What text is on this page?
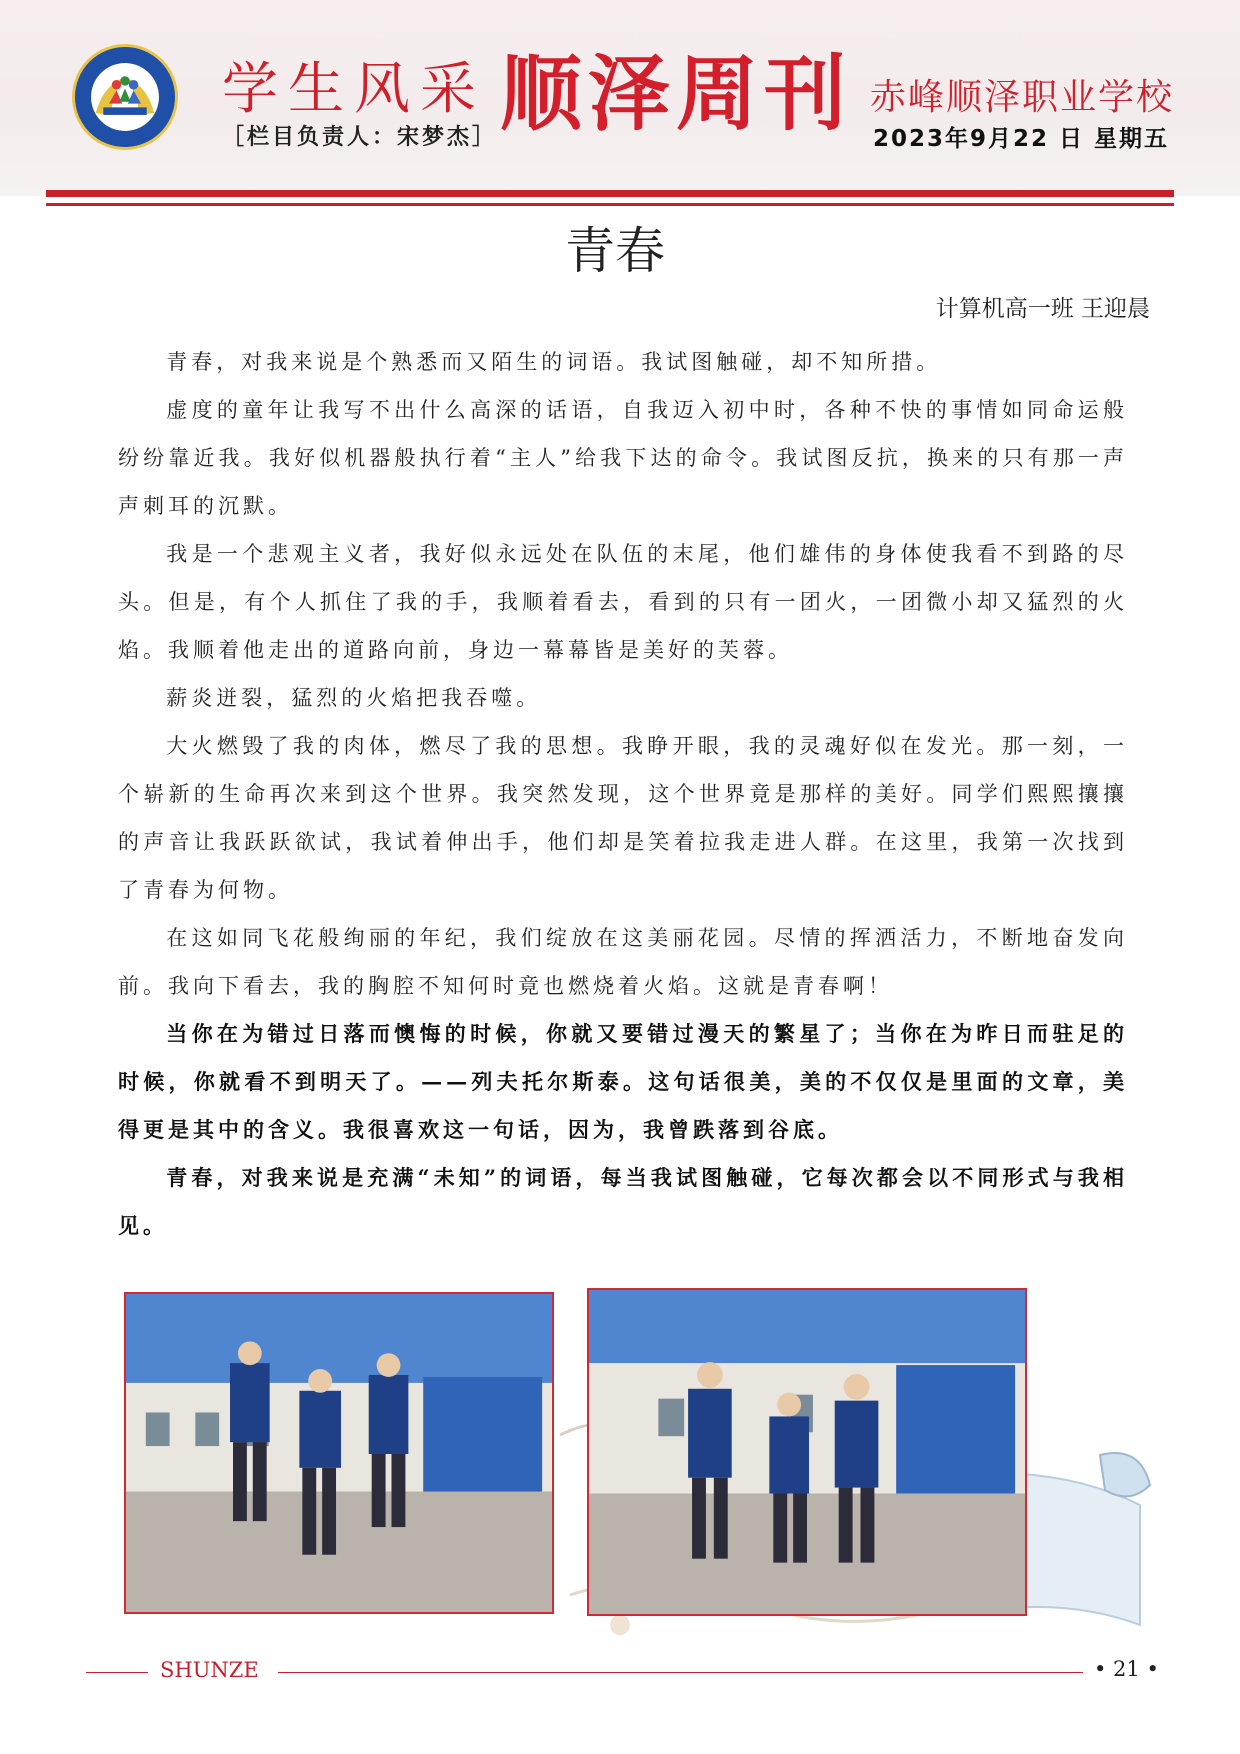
学生风采
［栏目负责人：宋梦杰］ 顺泽周刊 赤峰顺泽职业学校
2023年9月22 日 星期五
青春
计算机高一班 王迎晨

青春，对我来说是个熟悉而又陌生的词语。我试图触碰，却不知所措。

虚度的童年让我写不出什么高深的话语，自我迈入初中时，各种不快的事情如同命运般纷纷靠近我。我好似机器般执行着“主人”给我下达的命令。我试图反抗，换来的只有那一声声刺耳的沉默。

我是一个悲观主义者，我好似永远处在队伍的末尾，他们雄伟的身体使我看不到路的尽头。但是，有个人抓住了我的手，我顺着看去，看到的只有一团火，一团微小却又猛烈的火焰。我顺着他走出的道路向前，身边一幕幕皆是美好的芙蓉。

薪炎迸裂，猛烈的火焰把我吞噬。

大火燃毁了我的肉体，燃尽了我的思想。我睁开眼，我的灵魂好似在发光。那一刻，一个崭新的生命再次来到这个世界。我突然发现，这个世界竟是那样的美好。同学们熙熙攘攘的声音让我跃跃欲试，我试着伸出手，他们却是笑着拉我走进人群。在这里，我第一次找到了青春为何物。

在这如同飞花般绚丽的年纪，我们绽放在这美丽花园。尽情的挥洒活力，不断地奋发向前。我向下看去，我的胸腔不知何时竟也燃烧着火焰。这就是青春啊！

当你在为错过日落而懊悔的时候，你就又要错过漫天的繁星了；当你在为昨日而驻足的时候，你就看不到明天了。——列夫托尔斯泰。这句话很美，美的不仅仅是里面的文章，美得更是其中的含义。我很喜欢这一句话，因为，我曾跌落到谷底。

青春，对我来说是充满“未知”的词语，每当我试图触碰，它每次都会以不同形式与我相见。

SHUNZE	• 21 •
